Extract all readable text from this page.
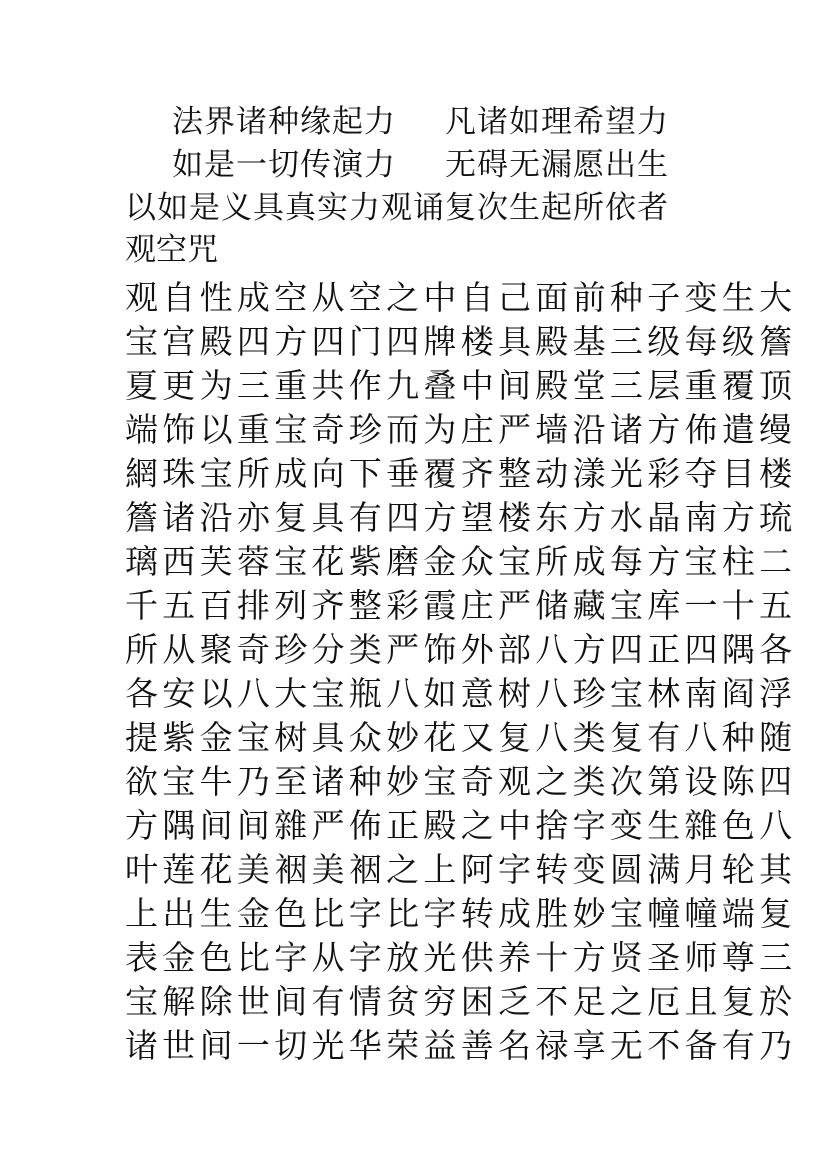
法界诸种缘起力 凡诸如理希望力
如是一切传演力 无碍无漏愿出生
以如是义具真实力观诵复次生起所依者
观空咒
观自性成空从空之中自己面前种子变生大
宝宫殿四方四门四牌楼具殿基三级每级簷
夏更为三重共作九叠中间殿堂三层重覆顶
端饰以重宝奇珍而为庄严墙沿诸方佈遣缦
網珠宝所成向下垂覆齐整动漾光彩夺目楼
簷诸沿亦复具有四方望楼东方水晶南方琉
璃西芙蓉宝花紫磨金众宝所成每方宝柱二
千五百排列齐整彩霞庄严储藏宝库一十五
所从聚奇珍分类严饰外部八方四正四隅各
各安以八大宝瓶八如意树八珍宝林南阎浮
提紫金宝树具众妙花又复八类复有八种随
欲宝牛乃至诸种妙宝奇观之类次第设陈四
方隅间间雜严佈正殿之中捨字变生雜色八
叶莲花美裀美裀之上阿字转变圆满月轮其
上出生金色比字比字转成胜妙宝幢幢端复
表金色比字从字放光供养十方贤圣师尊三
宝解除世间有情贫穷困乏不足之厄且复於
诸世间一切光华荣益善名禄享无不备有乃
